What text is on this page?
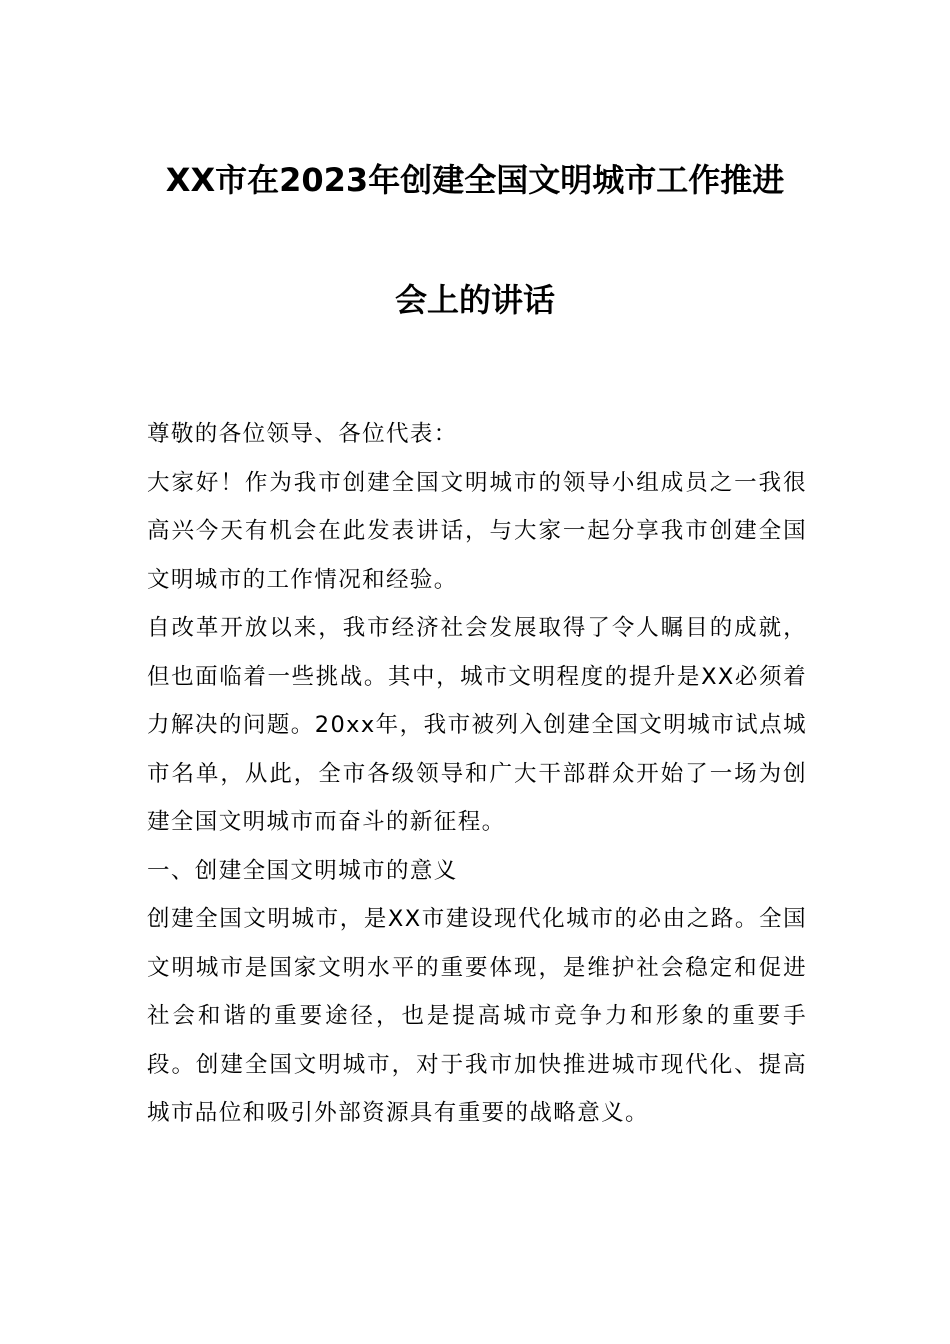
XX市在2023年创建全国文明城市工作推进
会上的讲话

尊敬的各位领导、各位代表：

大家好！作为我市创建全国文明城市的领导小组成员之一我很高兴今天有机会在此发表讲话，与大家一起分享我市创建全国文明城市的工作情况和经验。

自改革开放以来，我市经济社会发展取得了令人瞩目的成就，但也面临着一些挑战。其中，城市文明程度的提升是XX必须着力解决的问题。20xx年，我市被列入创建全国文明城市试点城市名单，从此，全市各级领导和广大干部群众开始了一场为创建全国文明城市而奋斗的新征程。

一、创建全国文明城市的意义

创建全国文明城市，是XX市建设现代化城市的必由之路。全国文明城市是国家文明水平的重要体现，是维护社会稳定和促进社会和谐的重要途径，也是提高城市竞争力和形象的重要手段。创建全国文明城市，对于我市加快推进城市现代化、提高城市品位和吸引外部资源具有重要的战略意义。
